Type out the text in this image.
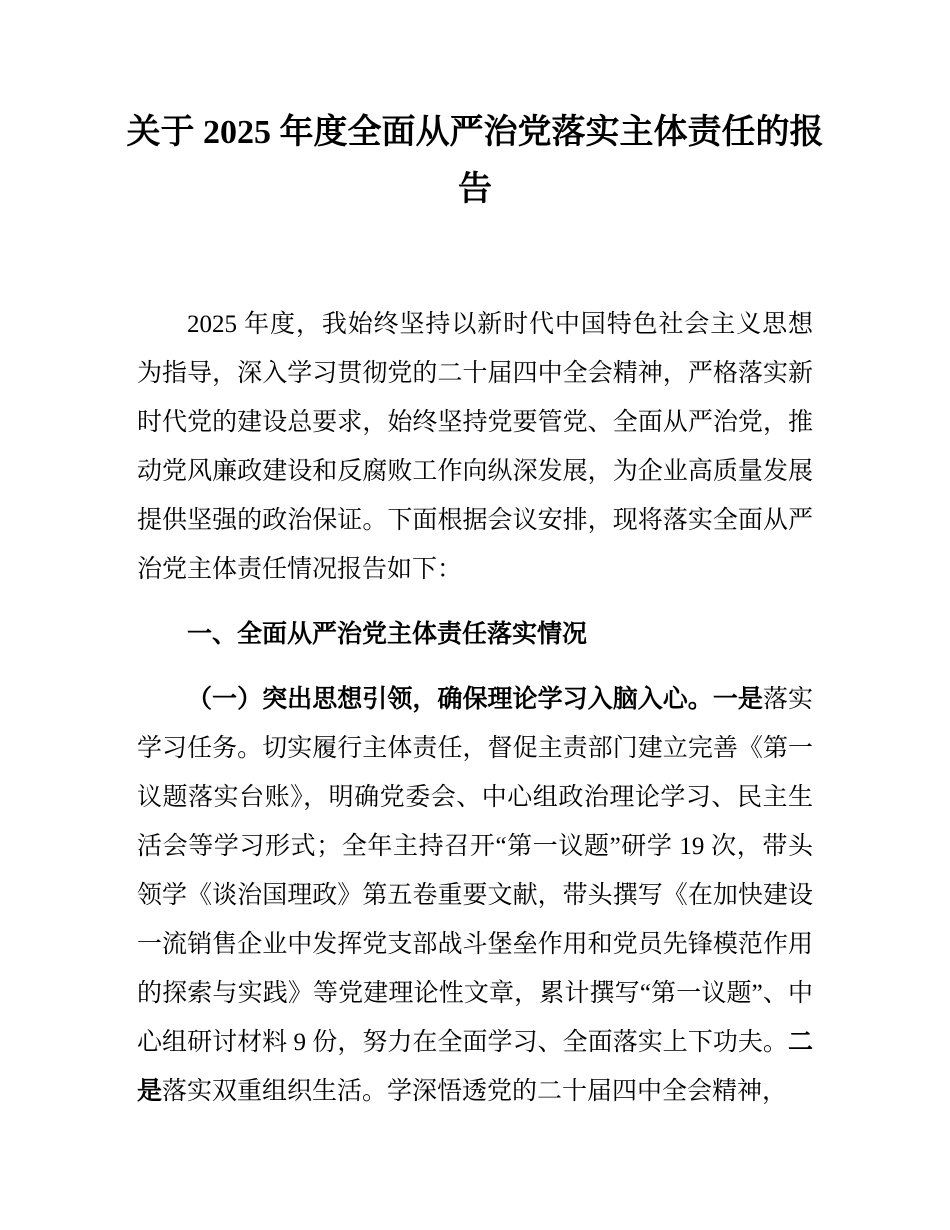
关于 2025 年度全面从严治党落实主体责任的报告

2025 年度，我始终坚持以新时代中国特色社会主义思想为指导，深入学习贯彻党的二十届四中全会精神，严格落实新时代党的建设总要求，始终坚持党要管党、全面从严治党，推动党风廉政建设和反腐败工作向纵深发展，为企业高质量发展提供坚强的政治保证。下面根据会议安排，现将落实全面从严治党主体责任情况报告如下：

一、全面从严治党主体责任落实情况

（一）突出思想引领，确保理论学习入脑入心。一是落实学习任务。切实履行主体责任，督促主责部门建立完善《第一议题落实台账》，明确党委会、中心组政治理论学习、民主生活会等学习形式；全年主持召开“第一议题”研学 19 次，带头领学《谈治国理政》第五卷重要文献，带头撰写《在加快建设一流销售企业中发挥党支部战斗堡垒作用和党员先锋模范作用的探索与实践》等党建理论性文章，累计撰写“第一议题”、中心组研讨材料 9 份，努力在全面学习、全面落实上下功夫。二是落实双重组织生活。学深悟透党的二十届四中全会精神，
